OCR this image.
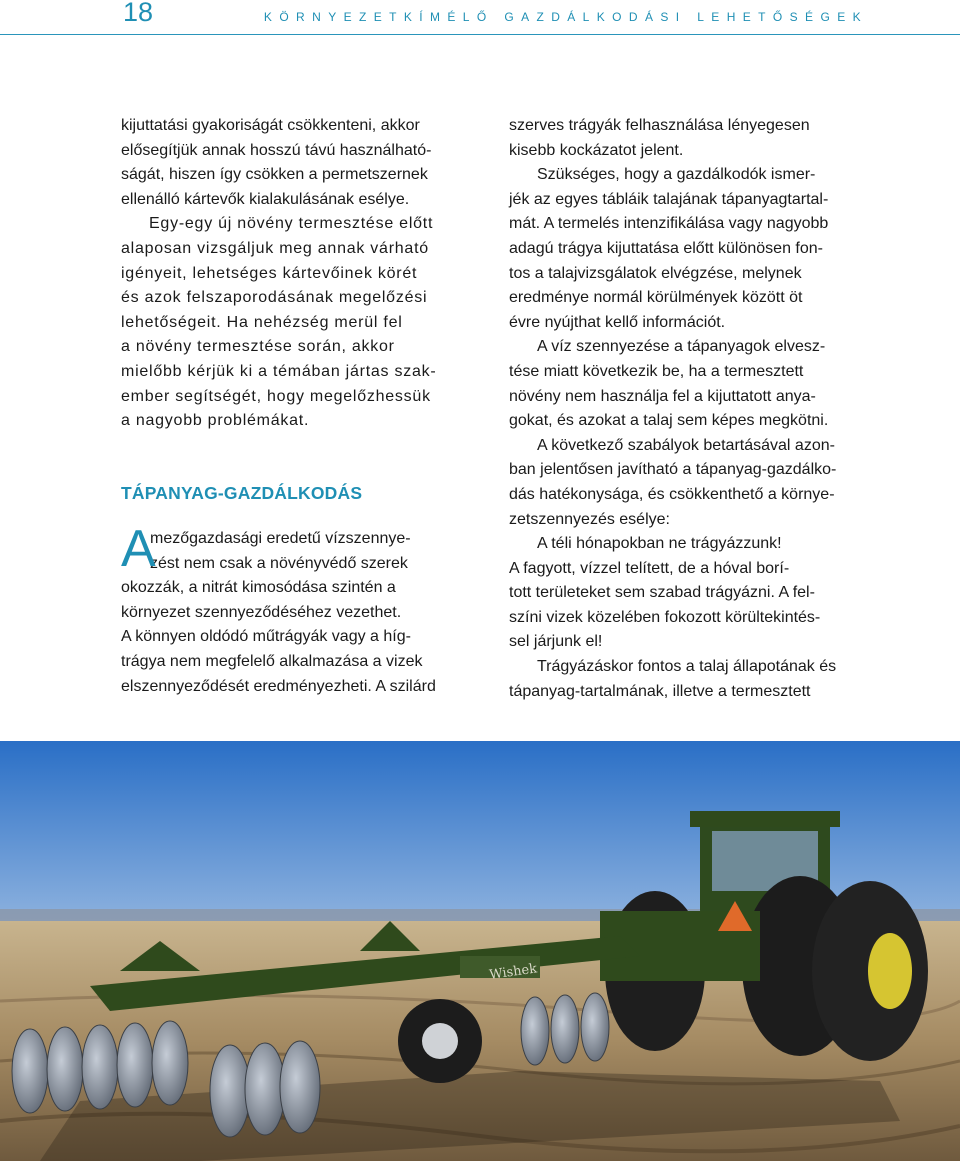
18	KÖRNYEZETKÍMÉLŐ GAZDÁLKODÁSI LEHETŐSÉGEK
kijuttatási gyakoriságát csökkenteni, akkor
elősegítjük annak hosszú távú használható-
ságát, hiszen így csökken a permetszernek
ellenálló kártevők kialakulásának esélye.
Egy-egy új növény termesztése előtt
alaposan vizsgáljuk meg annak várható
igényeit, lehetséges kártevőinek körét
és azok felszaporodásának megelőzési
lehetőségeit. Ha nehézség merül fel
a növény termesztése során, akkor
mielőbb kérjük ki a témában jártas szak-
ember segítségét, hogy megelőzhessük
a nagyobb problémákat.
TÁPANYAG-GAZDÁLKODÁS
A
mezőgazdasági eredetű vízszennye-
zést nem csak a növényvédő szerek
okozzák, a nitrát kimosódása szintén a
környezet szennyeződéséhez vezethet.
A könnyen oldódó műtrágyák vagy a híg-
trágya nem megfelelő alkalmazása a vizek
elszennyeződését eredményezheti. A szilárd
szerves trágyák felhasználása lényegesen
kisebb kockázatot jelent.
Szükséges, hogy a gazdálkodók ismer-
jék az egyes tábláik talajának tápanyagtartal-
mát. A termelés intenzifikálása vagy nagyobb
adagú trágya kijuttatása előtt különösen fon-
tos a talajvizsgálatok elvégzése, melynek
eredménye normál körülmények között öt
évre nyújthat kellő információt.
A víz szennyezése a tápanyagok elvesz-
tése miatt következik be, ha a termesztett
növény nem használja fel a kijuttatott anya-
gokat, és azokat a talaj sem képes megkötni.
A következő szabályok betartásával azon-
ban jelentősen javítható a tápanyag-gazdálko-
dás hatékonysága, és csökkenthető a környe-
zetszennyezés esélye:
A téli hónapokban ne trágyázzunk!
A fagyott, vízzel telített, de a hóval borí-
tott területeket sem szabad trágyázni. A fel-
színi vizek közelében fokozott körültekintés-
sel járjunk el!
Trágyázáskor fontos a talaj állapotának és
tápanyag-tartalmának, illetve a termesztett
Wishek
